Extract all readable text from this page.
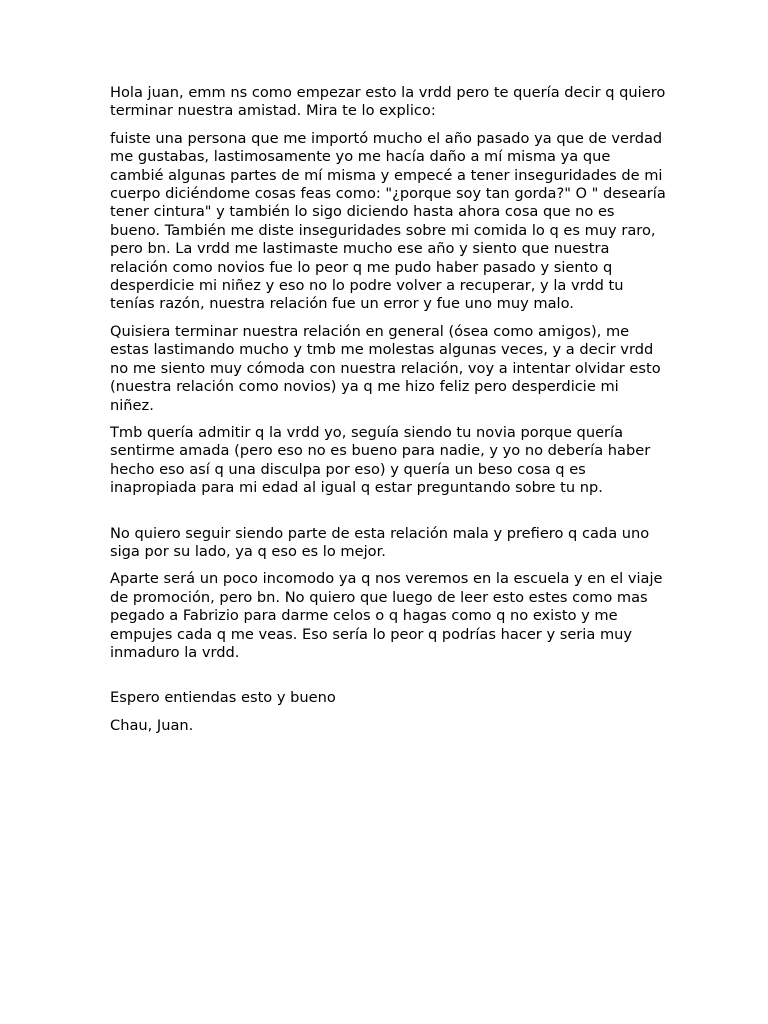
Hola juan, emm ns como empezar esto la vrdd pero te quería decir q quiero terminar nuestra amistad. Mira te lo explico:

fuiste una persona que me importó mucho el año pasado ya que de verdad me gustabas, lastimosamente yo me hacía daño a mí misma ya que cambié algunas partes de mí misma y empecé a tener inseguridades de mi cuerpo diciéndome cosas feas como: "¿porque soy tan gorda?" O " desearía tener cintura" y también lo sigo diciendo hasta ahora cosa que no es bueno. También me diste inseguridades sobre mi comida lo q es muy raro, pero bn. La vrdd me lastimaste mucho ese año y siento que nuestra relación como novios fue lo peor q me pudo haber pasado y siento q desperdicie mi niñez y eso no lo podre volver a recuperar, y la vrdd tu tenías razón, nuestra relación fue un error y fue uno muy malo.

Quisiera terminar nuestra relación en general (ósea como amigos), me estas lastimando mucho y tmb me molestas algunas veces, y a decir vrdd no me siento muy cómoda con nuestra relación, voy a intentar olvidar esto (nuestra relación como novios) ya q me hizo feliz pero desperdicie mi niñez.

Tmb quería admitir q la vrdd yo, seguía siendo tu novia porque quería sentirme amada (pero eso no es bueno para nadie, y yo no debería haber hecho eso así q una disculpa por eso) y quería un beso cosa q es inapropiada para mi edad al igual q estar preguntando sobre tu np.

No quiero seguir siendo parte de esta relación mala y prefiero q cada uno siga por su lado, ya q eso es lo mejor.

Aparte será un poco incomodo ya q nos veremos en la escuela y en el viaje de promoción, pero bn. No quiero que luego de leer esto estes como mas pegado a Fabrizio para darme celos o q hagas como q no existo y me empujes cada q me veas. Eso sería lo peor q podrías hacer y seria muy inmaduro la vrdd.

Espero entiendas esto y bueno

Chau, Juan.
